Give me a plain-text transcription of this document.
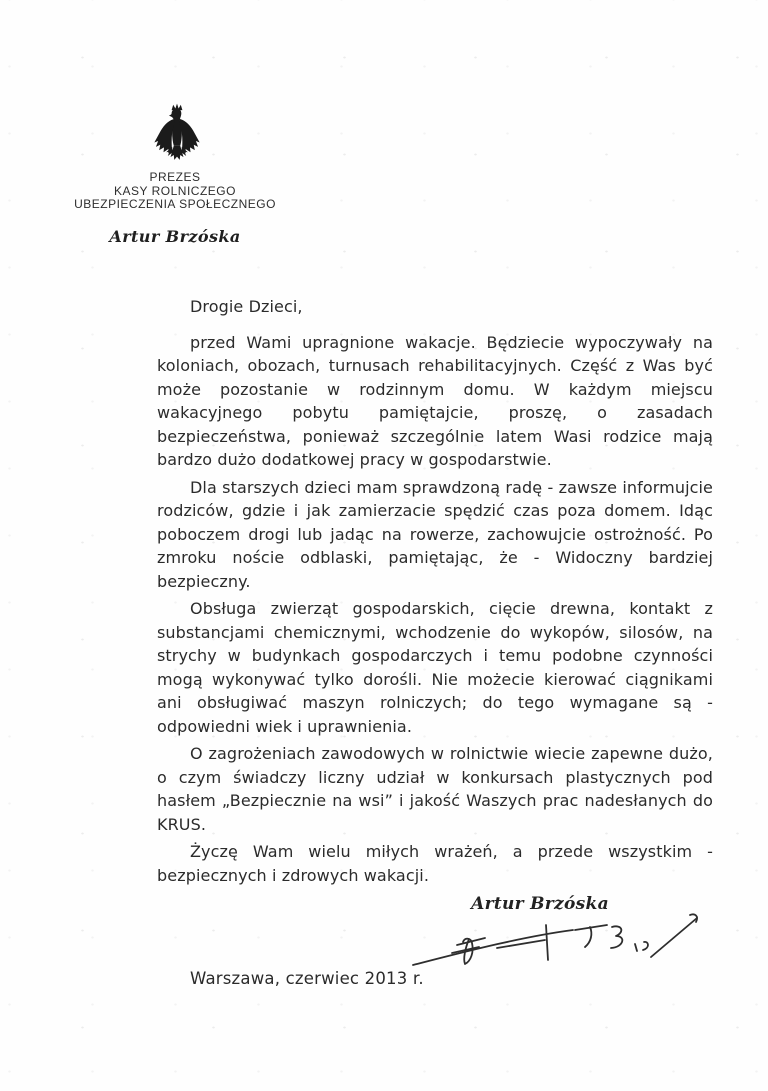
PREZES
KASY ROLNICZEGO
UBEZPIECZENIA SPOŁECZNEGO
Artur Brzóska

Drogie Dzieci,

przed Wami upragnione wakacje. Będziecie wypoczywały na koloniach, obozach, turnusach rehabilitacyjnych. Część z Was być może pozostanie w rodzinnym domu. W każdym miejscu wakacyjnego pobytu pamiętajcie, proszę, o zasadach bezpieczeństwa, ponieważ szczególnie latem Wasi rodzice mają bardzo dużo dodatkowej pracy w gospodarstwie.

Dla starszych dzieci mam sprawdzoną radę - zawsze informujcie rodziców, gdzie i jak zamierzacie spędzić czas poza domem. Idąc poboczem drogi lub jadąc na rowerze, zachowujcie ostrożność. Po zmroku noście odblaski, pamiętając, że - Widoczny bardziej bezpieczny.

Obsługa zwierząt gospodarskich, cięcie drewna, kontakt z substancjami chemicznymi, wchodzenie do wykopów, silosów, na strychy w budynkach gospodarczych i temu podobne czynności mogą wykonywać tylko dorośli. Nie możecie kierować ciągnikami ani obsługiwać maszyn rolniczych; do tego wymagane są - odpowiedni wiek i uprawnienia.

O zagrożeniach zawodowych w rolnictwie wiecie zapewne dużo, o czym świadczy liczny udział w konkursach plastycznych pod hasłem „Bezpiecznie na wsi” i jakość Waszych prac nadesłanych do KRUS.

Życzę Wam wielu miłych wrażeń, a przede wszystkim - bezpiecznych i zdrowych wakacji.

Artur Brzóska
Warszawa, czerwiec 2013 r.
